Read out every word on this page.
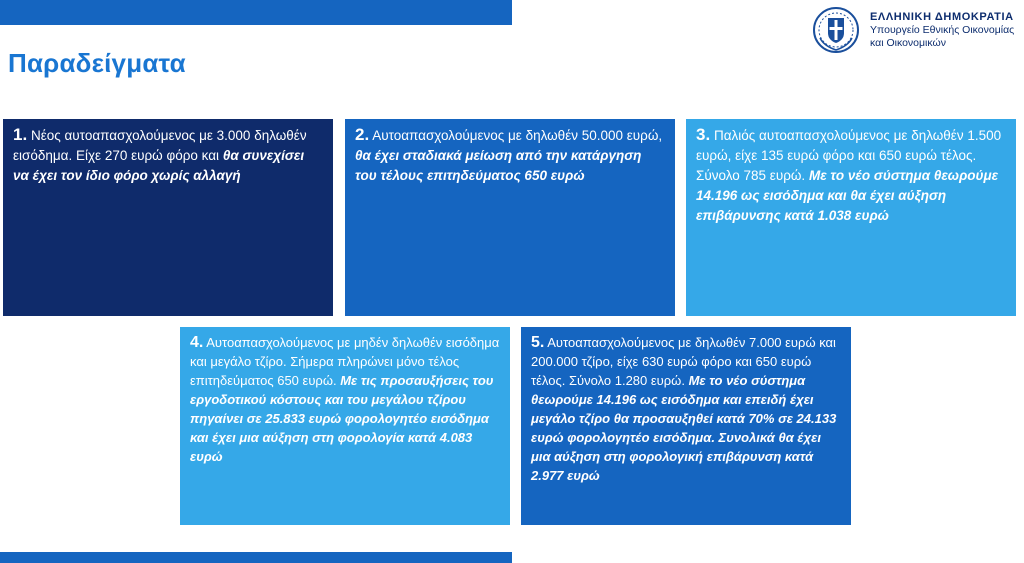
Παραδείγματα
ΕΛΛΗΝΙΚΗ ΔΗΜΟΚΡΑΤΙΑ
Υπουργείο Εθνικής Οικονομίας
και Οικονομικών
1. Νέος αυτοαπασχολούμενος με 3.000 δηλωθέν εισόδημα. Είχε 270 ευρώ φόρο και θα συνεχίσει να έχει τον ίδιο φόρο χωρίς αλλαγή
2. Αυτοαπασχολούμενος με δηλωθέν 50.000 ευρώ, θα έχει σταδιακά μείωση από την κατάργηση του τέλους επιτηδεύματος 650 ευρώ
3. Παλιός αυτοαπασχολούμενος με δηλωθέν 1.500 ευρώ, είχε 135 ευρώ φόρο και 650 ευρώ τέλος. Σύνολο 785 ευρώ. Με το νέο σύστημα θεωρούμε 14.196 ως εισόδημα και θα έχει αύξηση επιβάρυνσης κατά 1.038 ευρώ
4. Αυτοαπασχολούμενος με μηδέν δηλωθέν εισόδημα και μεγάλο τζίρο. Σήμερα πληρώνει μόνο τέλος επιτηδεύματος 650 ευρώ. Με τις προσαυξήσεις του εργοδοτικού κόστους και του μεγάλου τζίρου πηγαίνει σε 25.833 ευρώ φορολογητέο εισόδημα και έχει μια αύξηση στη φορολογία κατά 4.083 ευρώ
5. Αυτοαπασχολούμενος με δηλωθέν 7.000 ευρώ και 200.000 τζίρο, είχε 630 ευρώ φόρο και 650 ευρώ τέλος. Σύνολο 1.280 ευρώ. Με το νέο σύστημα θεωρούμε 14.196 ως εισόδημα και επειδή έχει μεγάλο τζίρο θα προσαυξηθεί κατά 70% σε 24.133 ευρώ φορολογητέο εισόδημα. Συνολικά θα έχει μια αύξηση στη φορολογική επιβάρυνση κατά 2.977 ευρώ
